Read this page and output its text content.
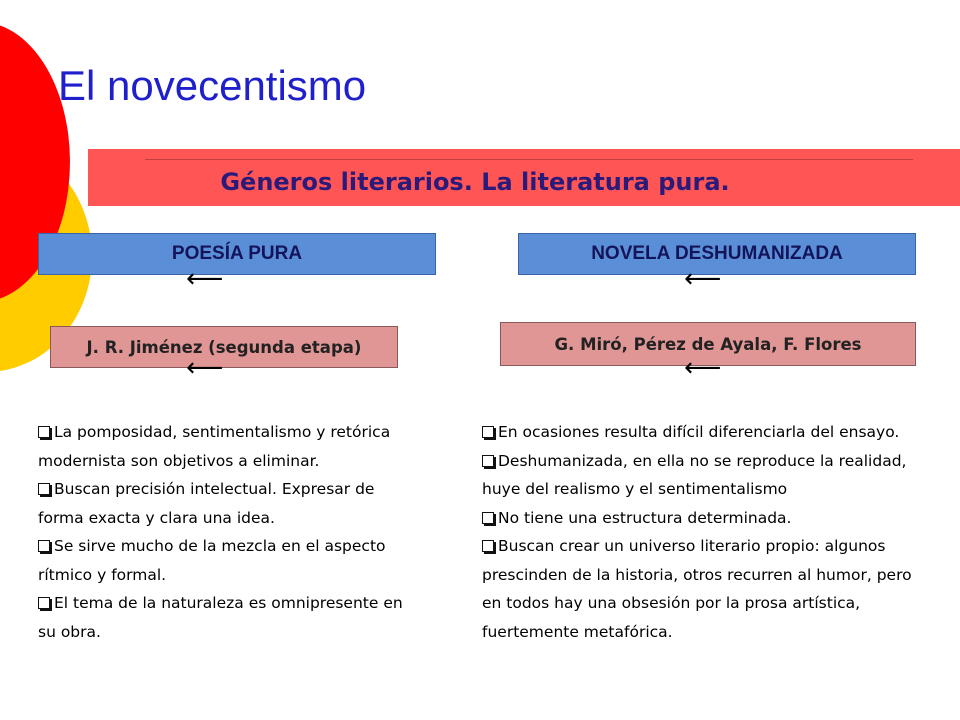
El novecentismo
Géneros literarios. La literatura pura.
POESÍA PURA
⟵
J. R. Jiménez (segunda etapa)
⟵
La pomposidad, sentimentalismo y retórica modernista son objetivos a eliminar.
Buscan precisión intelectual. Expresar de forma exacta y clara una idea.
Se sirve mucho de la mezcla en el aspecto rítmico y formal.
El tema de la naturaleza es omnipresente en su obra.
NOVELA DESHUMANIZADA
⟵
G. Miró, Pérez de Ayala, F. Flores
⟵
En ocasiones resulta difícil diferenciarla del ensayo.
Deshumanizada, en ella no se reproduce la realidad, huye del realismo y el sentimentalismo
No tiene una estructura determinada.
Buscan crear un universo literario propio: algunos prescinden de la historia, otros recurren al humor, pero en todos hay una obsesión por la prosa artística, fuertemente metafórica.
